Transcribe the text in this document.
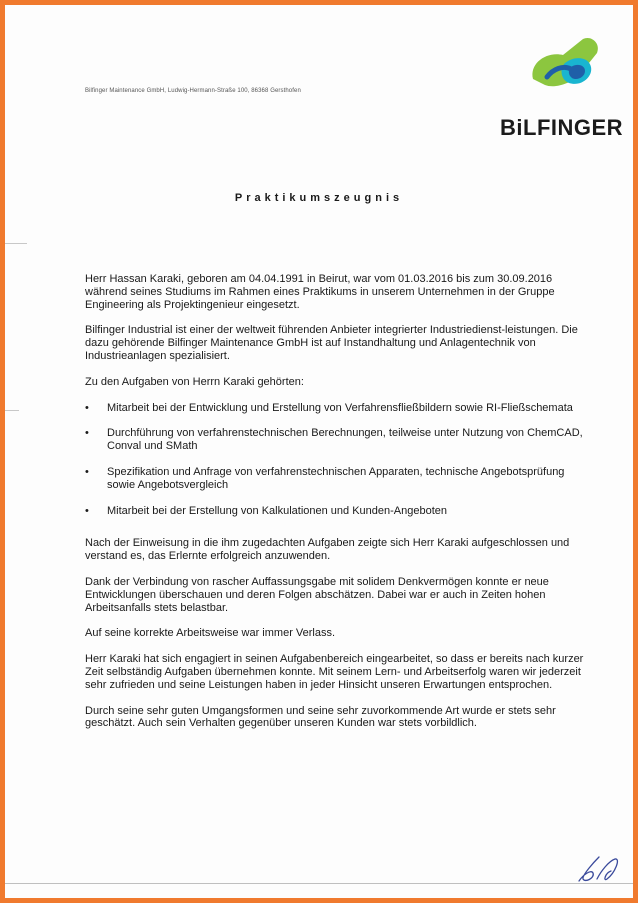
Bilfinger Maintenance GmbH, Ludwig-Hermann-Straße 100, 86368 Gersthofen
BiLFINGER
Praktikumszeugnis

Herr Hassan Karaki, geboren am 04.04.1991 in Beirut, war vom 01.03.2016 bis zum 30.09.2016 während seines Studiums im Rahmen eines Praktikums in unserem Unternehmen in der Gruppe Engineering als Projektingenieur eingesetzt.

Bilfinger Industrial ist einer der weltweit führenden Anbieter integrierter Industriedienst-leistungen. Die dazu gehörende Bilfinger Maintenance GmbH ist auf Instandhaltung und Anlagentechnik von Industrieanlagen spezialisiert.

Zu den Aufgaben von Herrn Karaki gehörten:

• Mitarbeit bei der Entwicklung und Erstellung von Verfahrensfließbildern sowie RI-Fließschemata
• Durchführung von verfahrenstechnischen Berechnungen, teilweise unter Nutzung von ChemCAD, Conval und SMath
• Spezifikation und Anfrage von verfahrenstechnischen Apparaten, technische Angebotsprüfung sowie Angebotsvergleich
• Mitarbeit bei der Erstellung von Kalkulationen und Kunden-Angeboten

Nach der Einweisung in die ihm zugedachten Aufgaben zeigte sich Herr Karaki aufgeschlossen und verstand es, das Erlernte erfolgreich anzuwenden.

Dank der Verbindung von rascher Auffassungsgabe mit solidem Denkvermögen konnte er neue Entwicklungen überschauen und deren Folgen abschätzen. Dabei war er auch in Zeiten hohen Arbeitsanfalls stets belastbar.

Auf seine korrekte Arbeitsweise war immer Verlass.

Herr Karaki hat sich engagiert in seinen Aufgabenbereich eingearbeitet, so dass er bereits nach kurzer Zeit selbständig Aufgaben übernehmen konnte. Mit seinem Lern- und Arbeitserfolg waren wir jederzeit sehr zufrieden und seine Leistungen haben in jeder Hinsicht unseren Erwartungen entsprochen.

Durch seine sehr guten Umgangsformen und seine sehr zuvorkommende Art wurde er stets sehr geschätzt. Auch sein Verhalten gegenüber unseren Kunden war stets vorbildlich.
